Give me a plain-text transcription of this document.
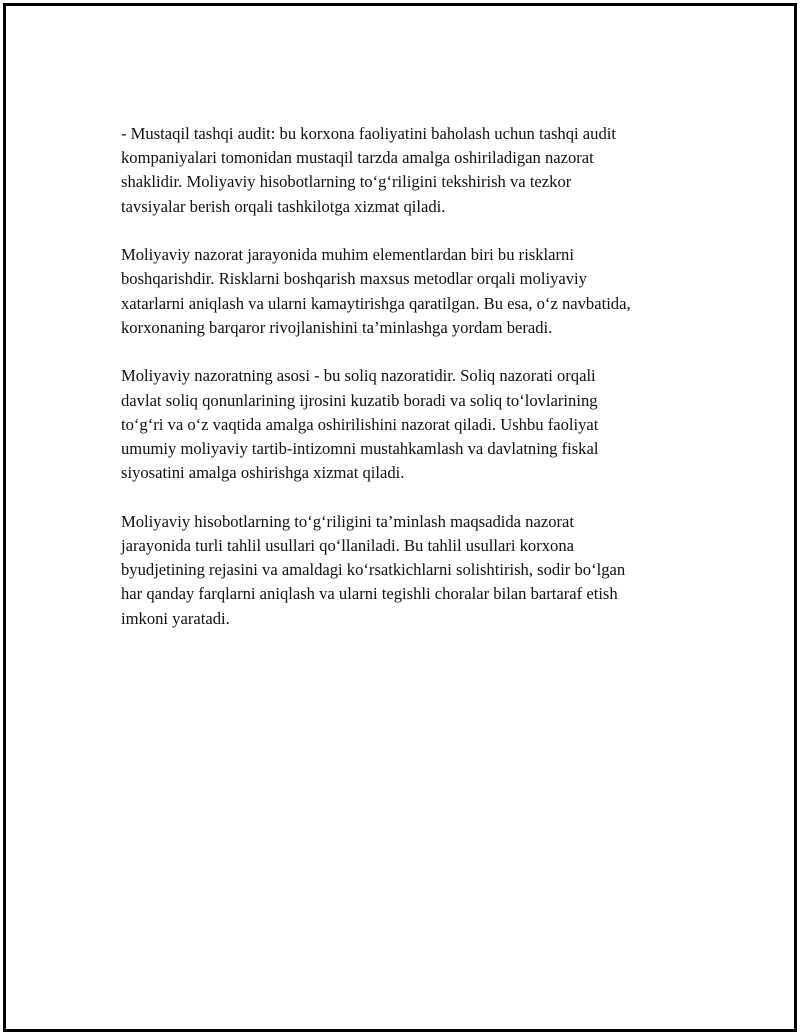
- Mustaqil tashqi audit: bu korxona faoliyatini baholash uchun tashqi audit
kompaniyalari tomonidan mustaqil tarzda amalga oshiriladigan nazorat
shaklidir. Moliyaviy hisobotlarning to‘g‘riligini tekshirish va tezkor
tavsiyalar berish orqali tashkilotga xizmat qiladi.

Moliyaviy nazorat jarayonida muhim elementlardan biri bu risklarni
boshqarishdir. Risklarni boshqarish maxsus metodlar orqali moliyaviy
xatarlarni aniqlash va ularni kamaytirishga qaratilgan. Bu esa, o‘z navbatida,
korxonaning barqaror rivojlanishini ta’minlashga yordam beradi.

Moliyaviy nazoratning asosi - bu soliq nazoratidir. Soliq nazorati orqali
davlat soliq qonunlarining ijrosini kuzatib boradi va soliq to‘lovlarining
to‘g‘ri va o‘z vaqtida amalga oshirilishini nazorat qiladi. Ushbu faoliyat
umumiy moliyaviy tartib-intizomni mustahkamlash va davlatning fiskal
siyosatini amalga oshirishga xizmat qiladi.

Moliyaviy hisobotlarning to‘g‘riligini ta’minlash maqsadida nazorat
jarayonida turli tahlil usullari qo‘llaniladi. Bu tahlil usullari korxona
byudjetining rejasini va amaldagi ko‘rsatkichlarni solishtirish, sodir bo‘lgan
har qanday farqlarni aniqlash va ularni tegishli choralar bilan bartaraf etish
imkoni yaratadi.
